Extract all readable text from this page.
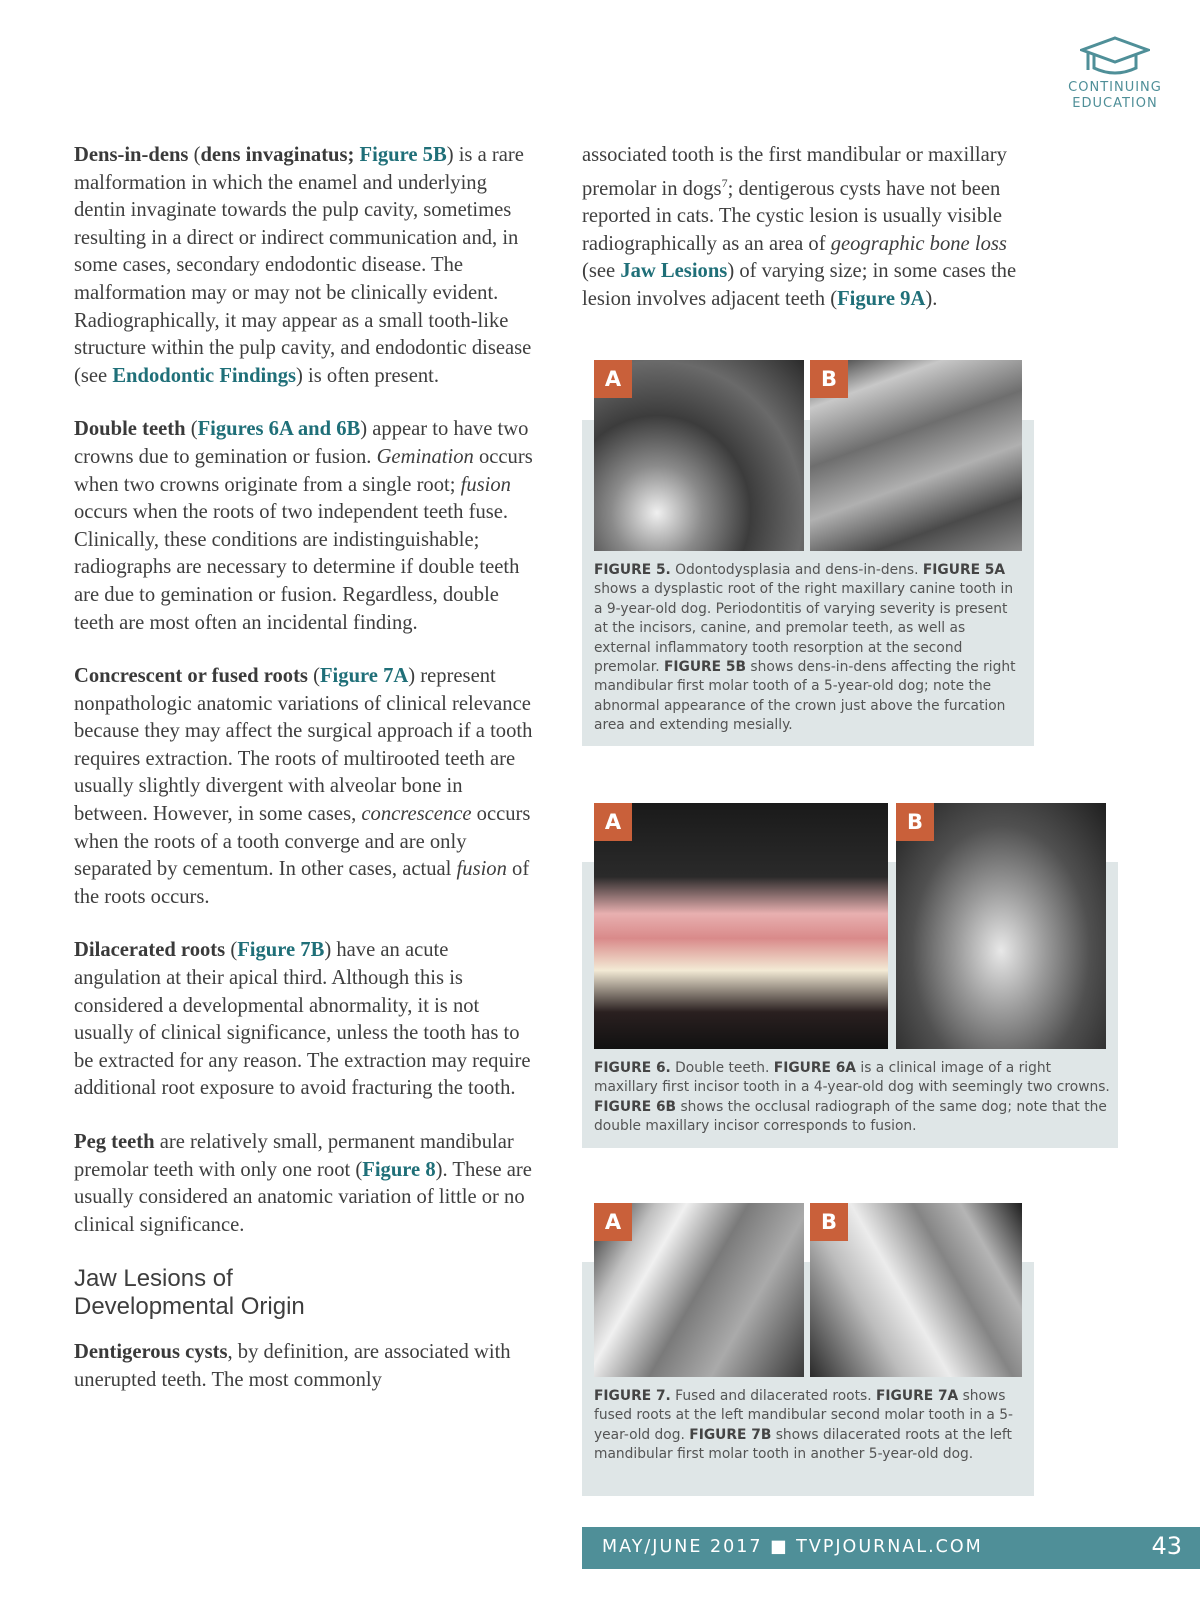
CONTINUING
EDUCATION

Dens-in-dens (dens invaginatus; Figure 5B) is a rare malformation in which the enamel and underlying dentin invaginate towards the pulp cavity, sometimes resulting in a direct or indirect communication and, in some cases, secondary endodontic disease. The malformation may or may not be clinically evident. Radiographically, it may appear as a small tooth-like structure within the pulp cavity, and endodontic disease (see Endodontic Findings) is often present.

Double teeth (Figures 6A and 6B) appear to have two crowns due to gemination or fusion. Gemination occurs when two crowns originate from a single root; fusion occurs when the roots of two independent teeth fuse. Clinically, these conditions are indistinguishable; radiographs are necessary to determine if double teeth are due to gemination or fusion. Regardless, double teeth are most often an incidental finding.

Concrescent or fused roots (Figure 7A) represent nonpathologic anatomic variations of clinical relevance because they may affect the surgical approach if a tooth requires extraction. The roots of multirooted teeth are usually slightly divergent with alveolar bone in between. However, in some cases, concrescence occurs when the roots of a tooth converge and are only separated by cementum. In other cases, actual fusion of the roots occurs.

Dilacerated roots (Figure 7B) have an acute angulation at their apical third. Although this is considered a developmental abnormality, it is not usually of clinical significance, unless the tooth has to be extracted for any reason. The extraction may require additional root exposure to avoid fracturing the tooth.

Peg teeth are relatively small, permanent mandibular premolar teeth with only one root (Figure 8). These are usually considered an anatomic variation of little or no clinical significance.

Jaw Lesions of
Developmental Origin

Dentigerous cysts, by definition, are associated with unerupted teeth. The most commonly

associated tooth is the first mandibular or maxillary premolar in dogs$^7$; dentigerous cysts have not been reported in cats. The cystic lesion is usually visible radiographically as an area of geographic bone loss (see Jaw Lesions) of varying size; in some cases the lesion involves adjacent teeth (Figure 9A).

A	B
FIGURE 5. Odontodysplasia and dens-in-dens. FIGURE 5A shows a dysplastic root of the right maxillary canine tooth in a 9-year-old dog. Periodontitis of varying severity is present at the incisors, canine, and premolar teeth, as well as external inflammatory tooth resorption at the second premolar. FIGURE 5B shows dens-in-dens affecting the right mandibular first molar tooth of a 5-year-old dog; note the abnormal appearance of the crown just above the furcation area and extending mesially.
A	B
FIGURE 6. Double teeth. FIGURE 6A is a clinical image of a right maxillary first incisor tooth in a 4-year-old dog with seemingly two crowns. FIGURE 6B shows the occlusal radiograph of the same dog; note that the double maxillary incisor corresponds to fusion.
A	B
FIGURE 7. Fused and dilacerated roots. FIGURE 7A shows fused roots at the left mandibular second molar tooth in a 5-year-old dog. FIGURE 7B shows dilacerated roots at the left mandibular first molar tooth in another 5-year-old dog.
MAY/JUNE 2017 ■ TVPJOURNAL.COM	43
